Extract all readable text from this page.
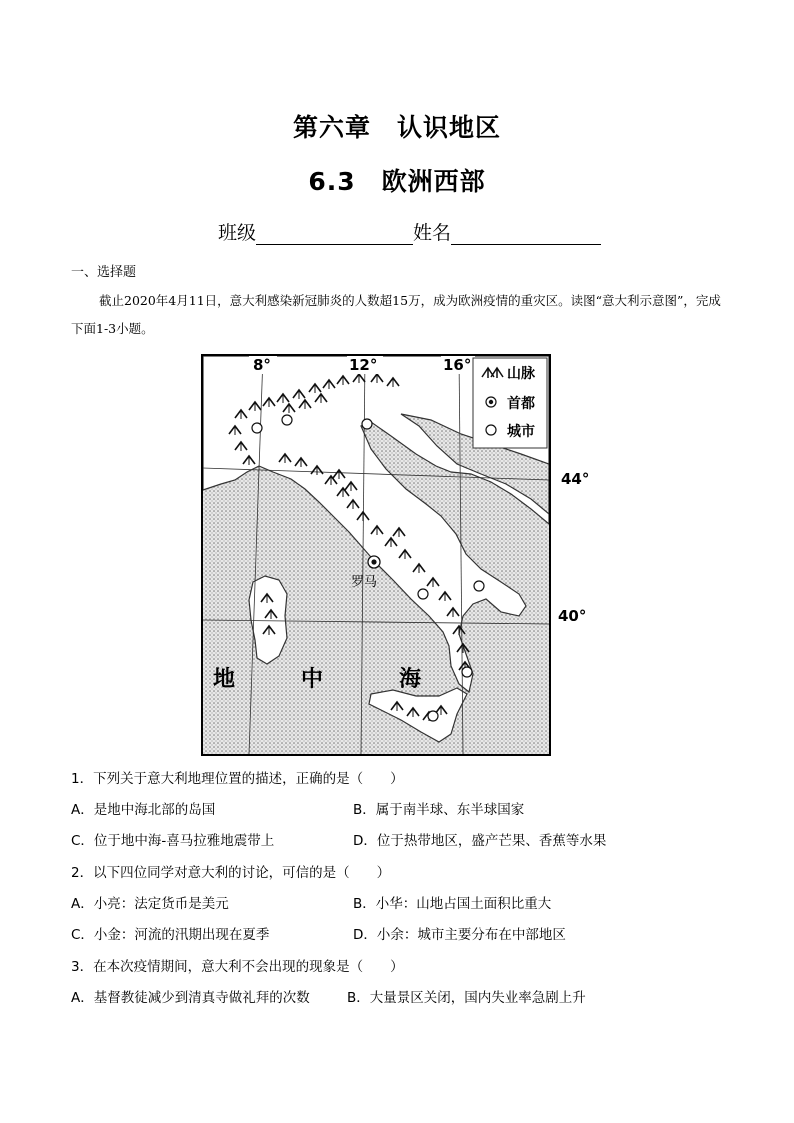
第六章　认识地区
6.3　欧洲西部
班级	姓名
一、选择题
截止2020年4月11日，意大利感染新冠肺炎的人数超15万，成为欧洲疫情的重灾区。读图“意大利示意图”，完成下面1-3小题。
罗马
地	中	海
8°	12°	16°	山脉
首都
城市
44°
40°
1．下列关于意大利地理位置的描述，正确的是（　　）
A．是地中海北部的岛国	B．属于南半球、东半球国家
C．位于地中海-喜马拉雅地震带上	D．位于热带地区，盛产芒果、香蕉等水果
2．以下四位同学对意大利的讨论，可信的是（　　）
A．小亮：法定货币是美元	B．小华：山地占国土面积比重大
C．小金：河流的汛期出现在夏季	D．小余：城市主要分布在中部地区
3．在本次疫情期间，意大利不会出现的现象是（　　）
A．基督教徒减少到清真寺做礼拜的次数	B．大量景区关闭，国内失业率急剧上升
